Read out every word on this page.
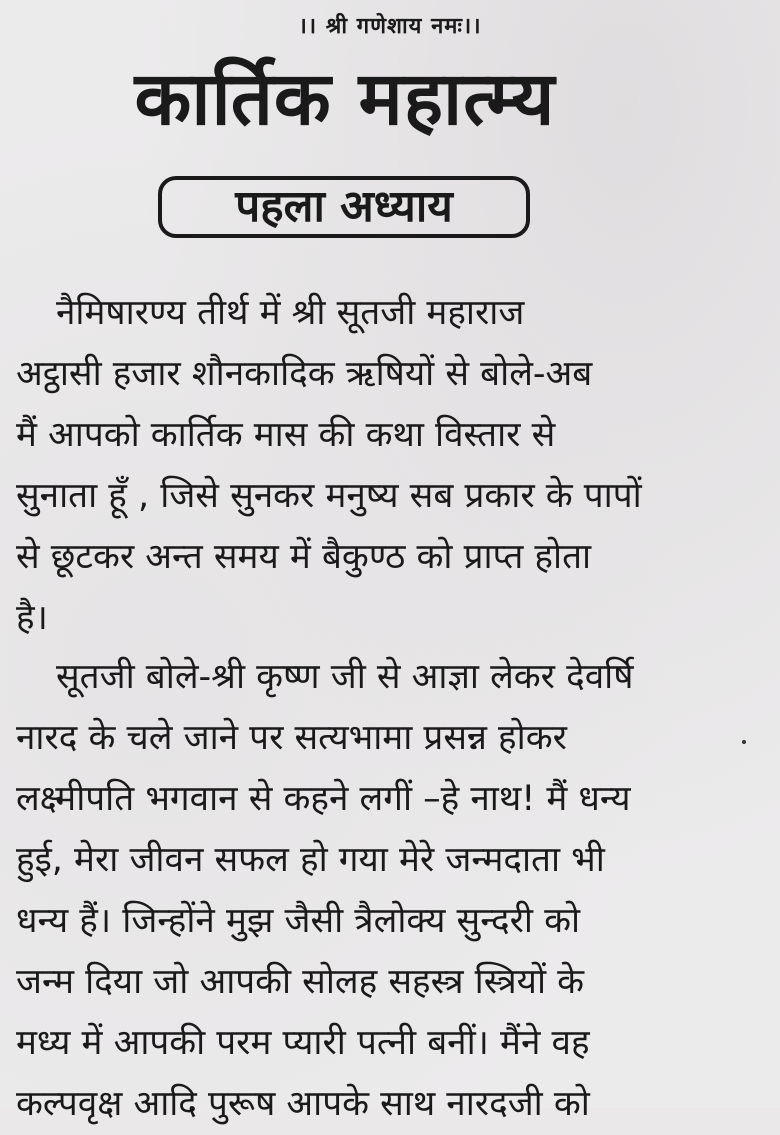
।। श्री गणेशाय नमः।।
कार्तिक महात्म्य
पहला अध्याय
नैमिषारण्य तीर्थ में श्री सूतजी महाराज
अट्ठासी हजार शौनकादिक ऋषियों से बोले-अब
मैं आपको कार्तिक मास की कथा विस्तार से
सुनाता हूँ , जिसे सुनकर मनुष्य सब प्रकार के पापों
से छूटकर अन्त समय में बैकुण्ठ को प्राप्त होता
है।
सूतजी बोले-श्री कृष्ण जी से आज्ञा लेकर देवर्षि
नारद के चले जाने पर सत्यभामा प्रसन्न होकर
लक्ष्मीपति भगवान से कहने लगीं –हे नाथ! मैं धन्य
हुई, मेरा जीवन सफल हो गया मेरे जन्मदाता भी
धन्य हैं। जिन्होंने मुझ जैसी त्रैलोक्य सुन्दरी को
जन्म दिया जो आपकी सोलह सहस्त्र स्त्रियों के
मध्य में आपकी परम प्यारी पत्नी बनीं। मैंने वह
कल्पवृक्ष आदि पुरूष आपके साथ नारदजी को
